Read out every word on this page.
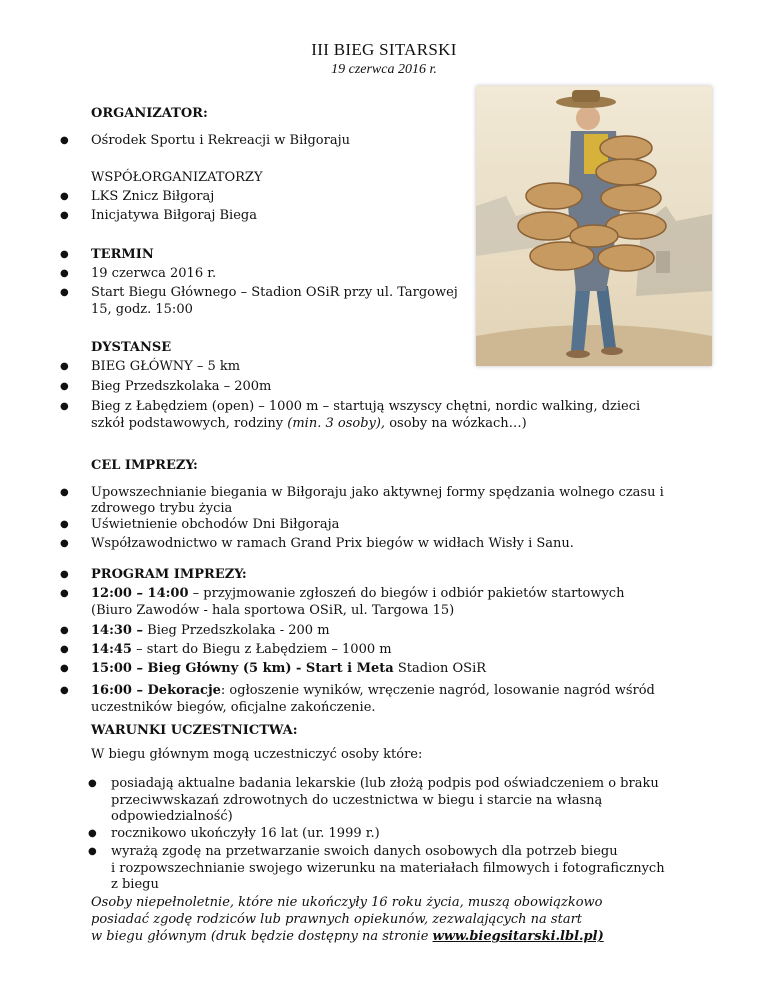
III BIEG SITARSKI
19 czerwca 2016 r.
ORGANIZATOR:
● Ośrodek Sportu i Rekreacji w Biłgoraju
WSPÓŁORGANIZATORZY
● LKS Znicz Biłgoraj
● Inicjatywa Biłgoraj Biega
● TERMIN
● 19 czerwca 2016 r.
● Start Biegu Głównego – Stadion OSiR przy ul. Targowej
15, godz. 15:00
DYSTANSE
● BIEG GŁÓWNY – 5 km
● Bieg Przedszkolaka – 200m
● Bieg z Łabędziem (open) – 1000 m – startują wszyscy chętni, nordic walking, dzieci
szkół podstawowych, rodziny (min. 3 osoby), osoby na wózkach…)
CEL IMPREZY:
● Upowszechnianie biegania w Biłgoraju jako aktywnej formy spędzania wolnego czasu i
zdrowego trybu życia
● Uświetnienie obchodów Dni Biłgoraja
● Współzawodnictwo w ramach Grand Prix biegów w widłach Wisły i Sanu.
● PROGRAM IMPREZY:
● 12:00 – 14:00 – przyjmowanie zgłoszeń do biegów i odbiór pakietów startowych
(Biuro Zawodów - hala sportowa OSiR, ul. Targowa 15)
● 14:30 – Bieg Przedszkolaka - 200 m
● 14:45 – start do Biegu z Łabędziem – 1000 m
● 15:00 – Bieg Główny (5 km) - Start i Meta Stadion OSiR
● 16:00 – Dekoracje: ogłoszenie wyników, wręczenie nagród, losowanie nagród wśród
uczestników biegów, oficjalne zakończenie.
WARUNKI UCZESTNICTWA:
W biegu głównym mogą uczestniczyć osoby które:
● posiadają aktualne badania lekarskie (lub złożą podpis pod oświadczeniem o braku
przeciwwskazań zdrowotnych do uczestnictwa w biegu i starcie na własną
odpowiedzialność)
● rocznikowo ukończyły 16 lat (ur. 1999 r.)
● wyrażą zgodę na przetwarzanie swoich danych osobowych dla potrzeb biegu
i rozpowszechnianie swojego wizerunku na materiałach filmowych i fotograficznych
z biegu
Osoby niepełnoletnie, które nie ukończyły 16 roku życia, muszą obowiązkowo
posiadać zgodę rodziców lub prawnych opiekunów, zezwalających na start
w biegu głównym (druk będzie dostępny na stronie www.biegsitarski.lbl.pl)
